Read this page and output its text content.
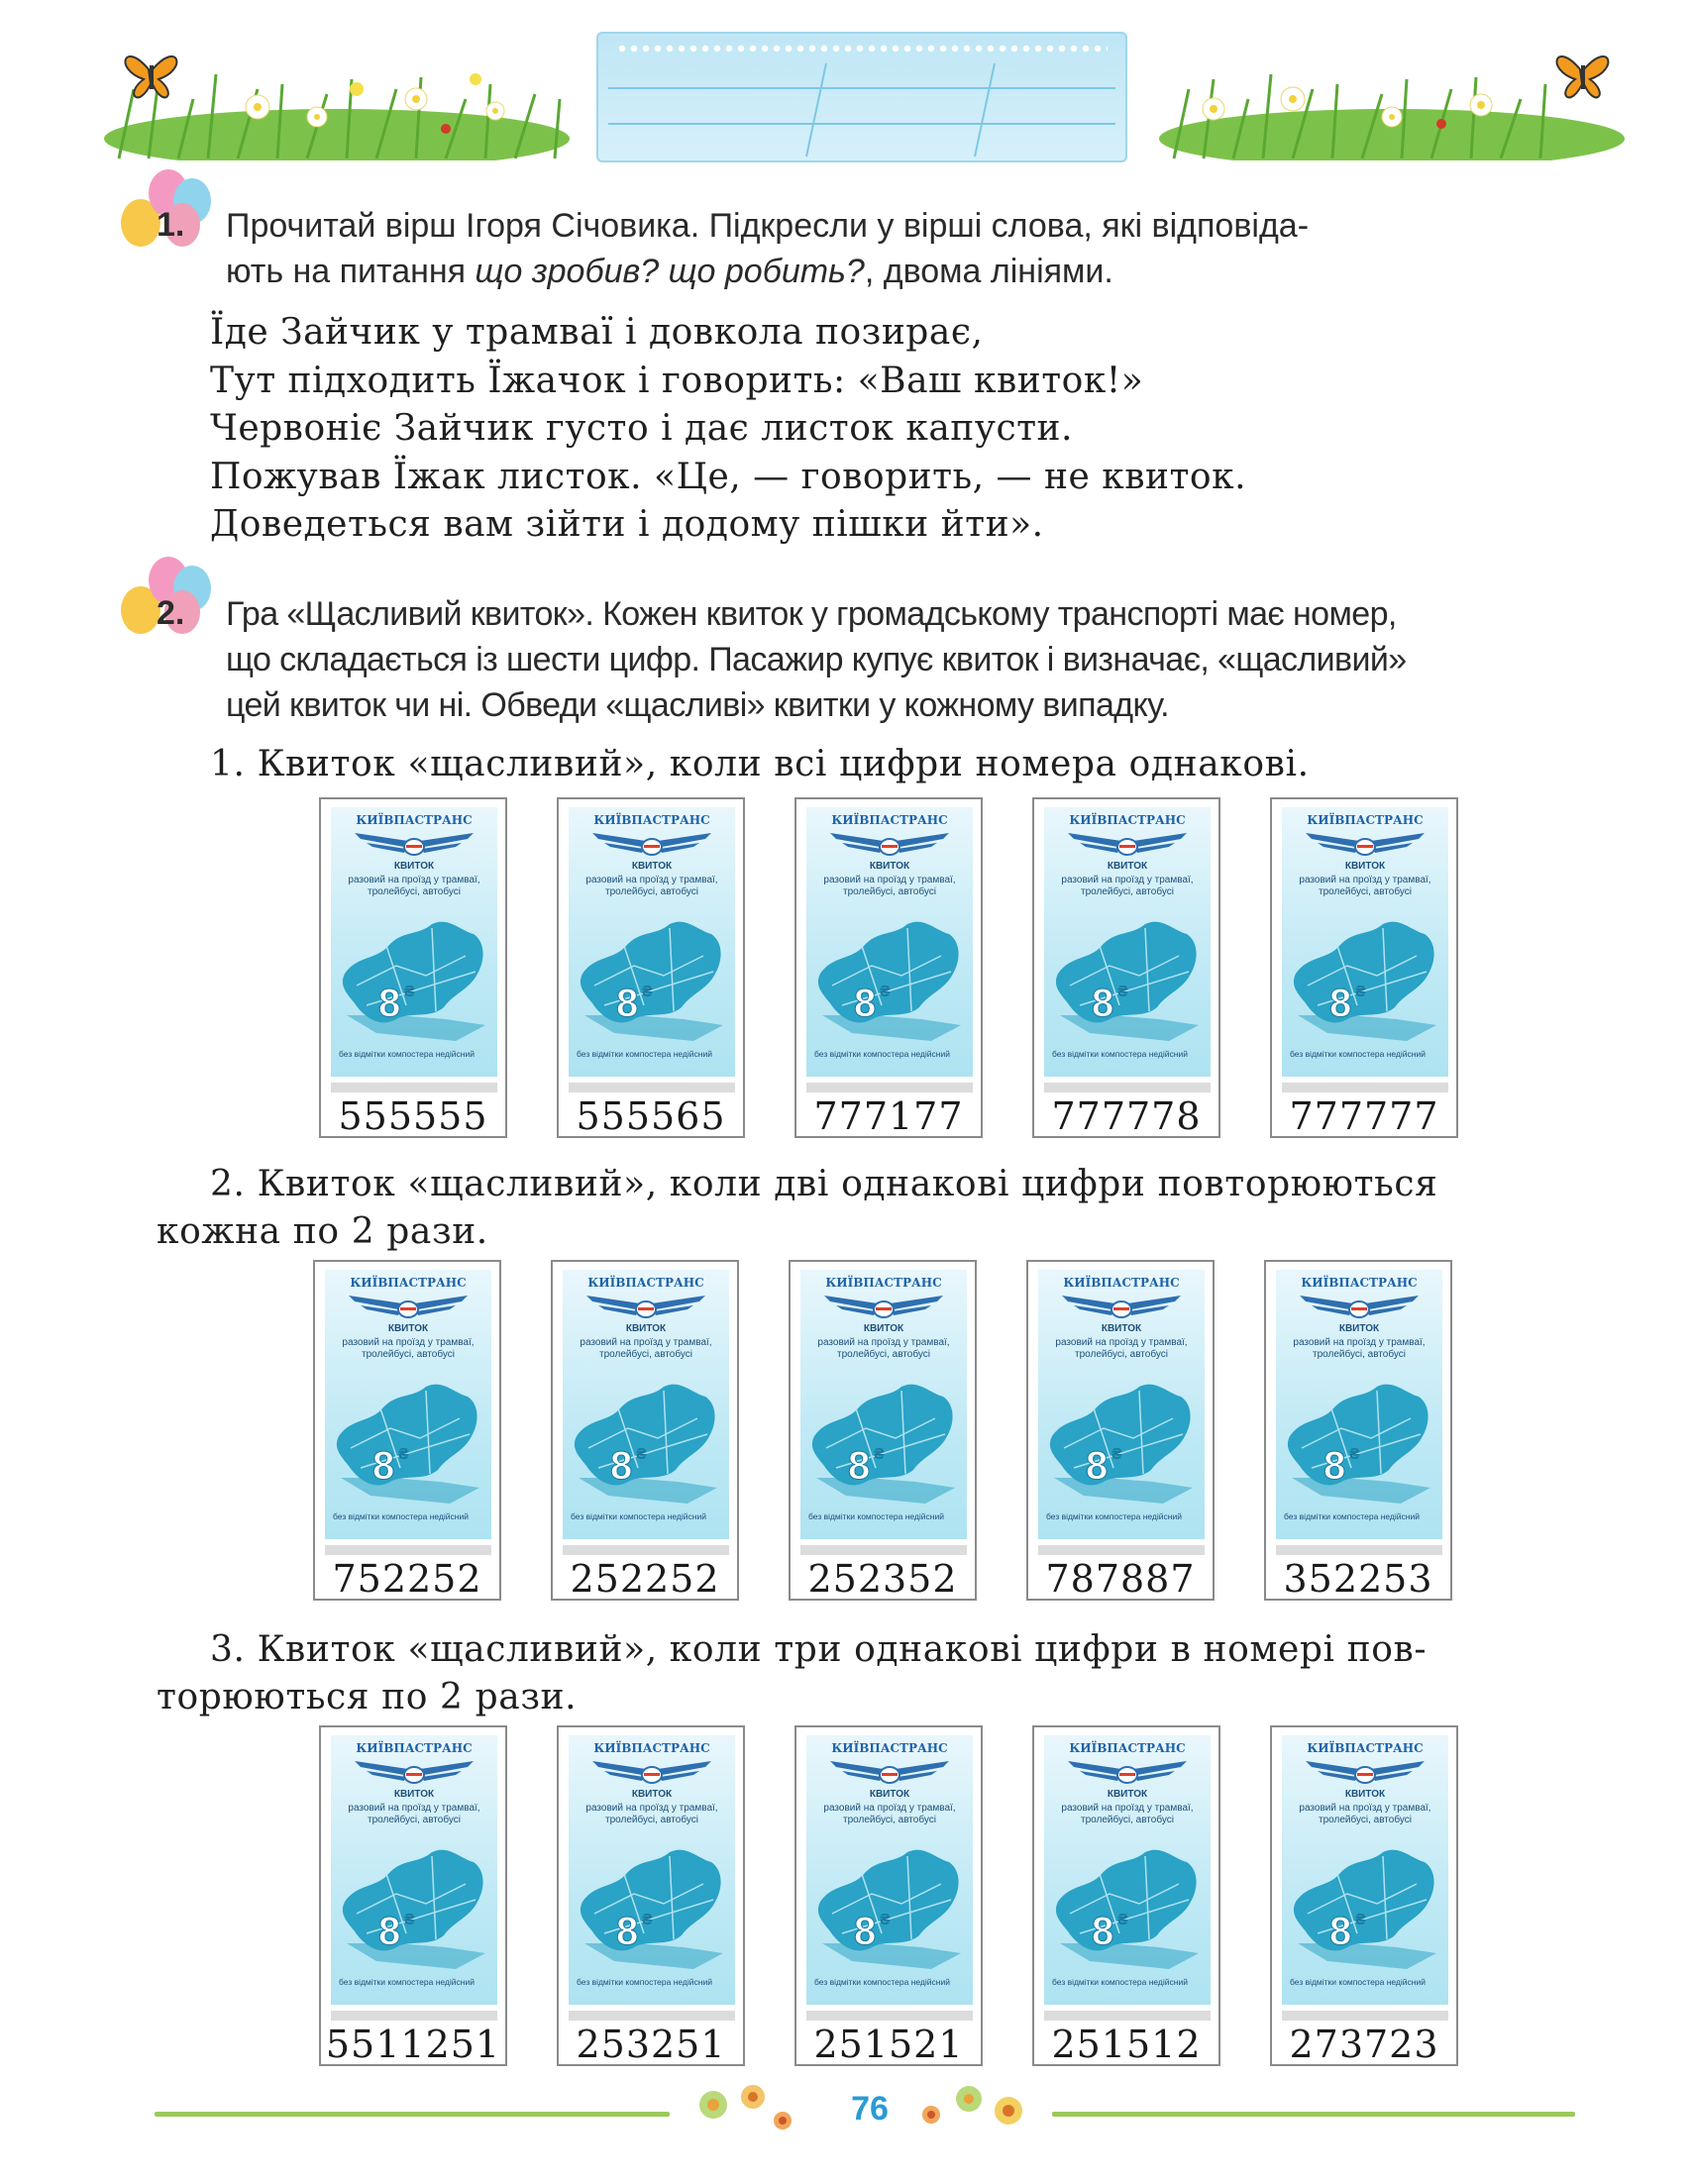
1. Прочитай вірш Ігоря Січовика. Підкресли у вірші слова, які відповіда-
ють на питання що зробив? що робить?, двома лініями.
Їде Зайчик у трамваї і довкола позирає,
Тут підходить Їжачок і говорить: «Ваш квиток!»
Червоніє Зайчик густо і дає листок капусти.
Пожував Їжак листок. «Це, — говорить, — не квиток.
Доведеться вам зійти і додому пішки йти».
2. Гра «Щасливий квиток». Кожен квиток у громадському транспорті має номер,
що складається із шести цифр. Пасажир купує квиток і визначає, «щасливий»
цей квиток чи ні. Обведи «щасливі» квитки у кожному випадку.
1. Квиток «щасливий», коли всі цифри номера однакові.
КИЇВПАСТРАНС
КВИТОК
разовий на проїзд у трамваї, тролейбусі, автобусі
8 ₴
без відмітки компостера недійсний
555555
КИЇВПАСТРАНС
КВИТОК
разовий на проїзд у трамваї, тролейбусі, автобусі
8 ₴
без відмітки компостера недійсний
555565
КИЇВПАСТРАНС
КВИТОК
разовий на проїзд у трамваї, тролейбусі, автобусі
8 ₴
без відмітки компостера недійсний
777177
КИЇВПАСТРАНС
КВИТОК
разовий на проїзд у трамваї, тролейбусі, автобусі
8 ₴
без відмітки компостера недійсний
777778
КИЇВПАСТРАНС
КВИТОК
разовий на проїзд у трамваї, тролейбусі, автобусі
8 ₴
без відмітки компостера недійсний
777777
2. Квиток «щасливий», коли дві однакові цифри повторюються
кожна по 2 рази.
КИЇВПАСТРАНС
КВИТОК
разовий на проїзд у трамваї, тролейбусі, автобусі
8 ₴
без відмітки компостера недійсний
752252
КИЇВПАСТРАНС
КВИТОК
разовий на проїзд у трамваї, тролейбусі, автобусі
8 ₴
без відмітки компостера недійсний
252252
КИЇВПАСТРАНС
КВИТОК
разовий на проїзд у трамваї, тролейбусі, автобусі
8 ₴
без відмітки компостера недійсний
252352
КИЇВПАСТРАНС
КВИТОК
разовий на проїзд у трамваї, тролейбусі, автобусі
8 ₴
без відмітки компостера недійсний
787887
КИЇВПАСТРАНС
КВИТОК
разовий на проїзд у трамваї, тролейбусі, автобусі
8 ₴
без відмітки компостера недійсний
352253
3. Квиток «щасливий», коли три однакові цифри в номері пов-
торюються по 2 рази.
КИЇВПАСТРАНС
КВИТОК
разовий на проїзд у трамваї, тролейбусі, автобусі
8 ₴
без відмітки компостера недійсний
5511251
КИЇВПАСТРАНС
КВИТОК
разовий на проїзд у трамваї, тролейбусі, автобусі
8 ₴
без відмітки компостера недійсний
253251
КИЇВПАСТРАНС
КВИТОК
разовий на проїзд у трамваї, тролейбусі, автобусі
8 ₴
без відмітки компостера недійсний
251521
КИЇВПАСТРАНС
КВИТОК
разовий на проїзд у трамваї, тролейбусі, автобусі
8 ₴
без відмітки компостера недійсний
251512
КИЇВПАСТРАНС
КВИТОК
разовий на проїзд у трамваї, тролейбусі, автобусі
8 ₴
без відмітки компостера недійсний
273723
76
